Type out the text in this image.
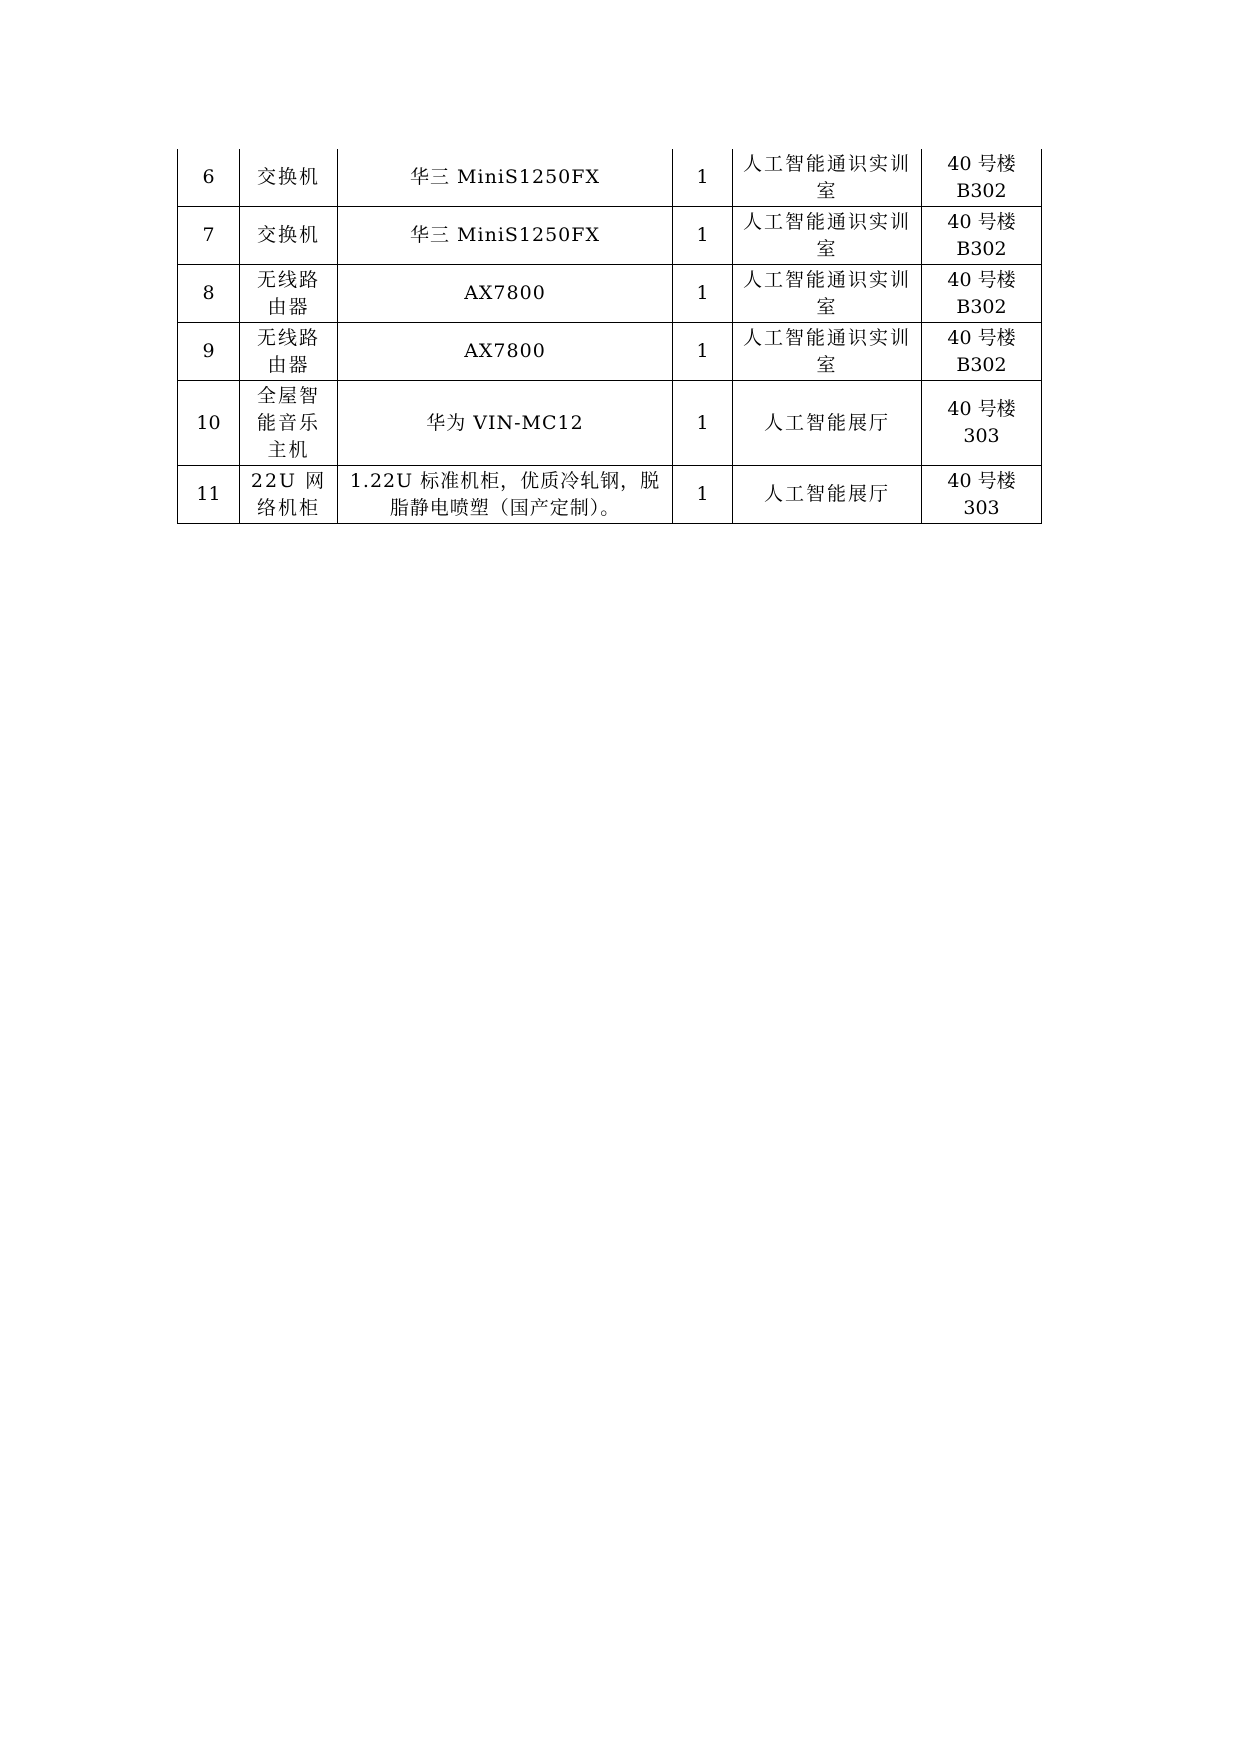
6	交换机	华三 MiniS1250FX	1	人工智能通识实训室	40 号楼 B302
7	交换机	华三 MiniS1250FX	1	人工智能通识实训室	40 号楼 B302
8	无线路由器	AX7800	1	人工智能通识实训室	40 号楼 B302
9	无线路由器	AX7800	1	人工智能通识实训室	40 号楼 B302
10	全屋智能音乐主机	华为 VIN-MC12	1	人工智能展厅	40 号楼 303
11	22U 网络机柜	1.22U 标准机柜，优质冷轧钢，脱脂静电喷塑（国产定制）。	1	人工智能展厅	40 号楼 303
